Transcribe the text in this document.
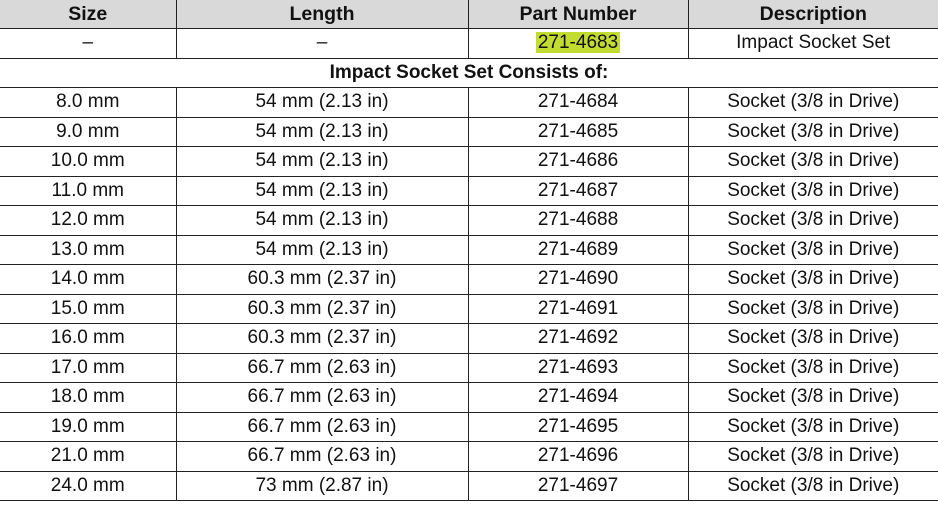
Size	Length	Part Number	Description
–	–	271-4683	Impact Socket Set
Impact Socket Set Consists of:			
8.0 mm	54 mm (2.13 in)	271-4684	Socket (3/8 in Drive)
9.0 mm	54 mm (2.13 in)	271-4685	Socket (3/8 in Drive)
10.0 mm	54 mm (2.13 in)	271-4686	Socket (3/8 in Drive)
11.0 mm	54 mm (2.13 in)	271-4687	Socket (3/8 in Drive)
12.0 mm	54 mm (2.13 in)	271-4688	Socket (3/8 in Drive)
13.0 mm	54 mm (2.13 in)	271-4689	Socket (3/8 in Drive)
14.0 mm	60.3 mm (2.37 in)	271-4690	Socket (3/8 in Drive)
15.0 mm	60.3 mm (2.37 in)	271-4691	Socket (3/8 in Drive)
16.0 mm	60.3 mm (2.37 in)	271-4692	Socket (3/8 in Drive)
17.0 mm	66.7 mm (2.63 in)	271-4693	Socket (3/8 in Drive)
18.0 mm	66.7 mm (2.63 in)	271-4694	Socket (3/8 in Drive)
19.0 mm	66.7 mm (2.63 in)	271-4695	Socket (3/8 in Drive)
21.0 mm	66.7 mm (2.63 in)	271-4696	Socket (3/8 in Drive)
24.0 mm	73 mm (2.87 in)	271-4697	Socket (3/8 in Drive)
